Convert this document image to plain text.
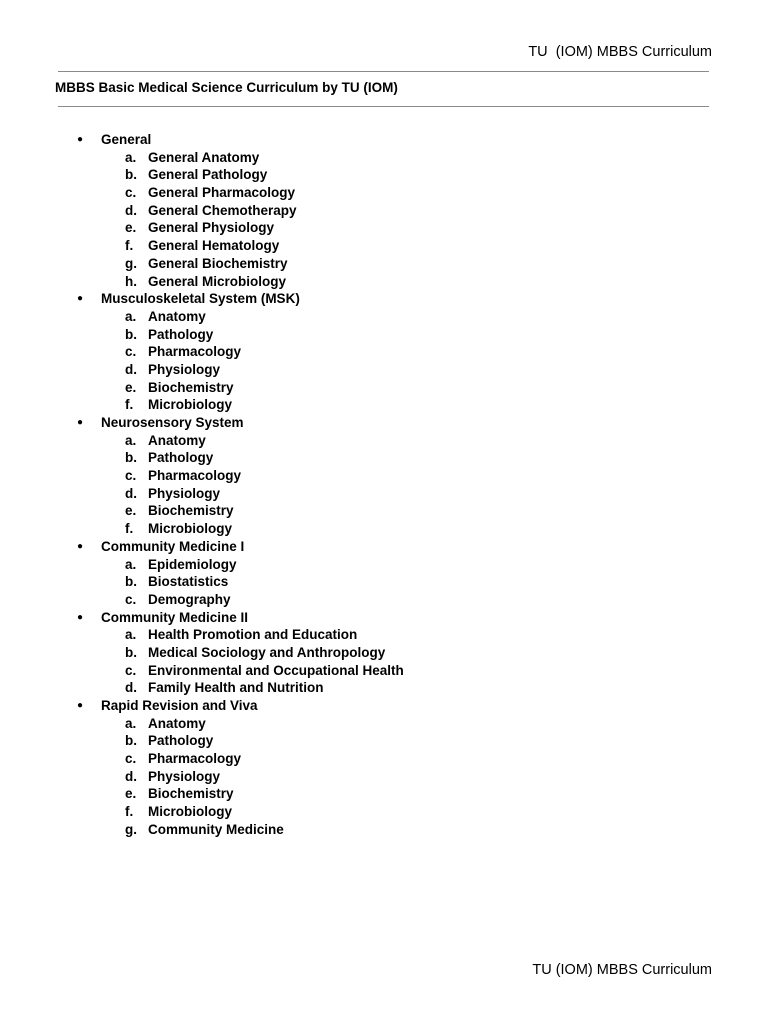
TU  (IOM) MBBS Curriculum
MBBS Basic Medical Science Curriculum by TU (IOM)
● General
a. General Anatomy
b. General Pathology
c. General Pharmacology
d. General Chemotherapy
e. General Physiology
f. General Hematology
g. General Biochemistry
h. General Microbiology
● Musculoskeletal System (MSK)
a. Anatomy
b. Pathology
c. Pharmacology
d. Physiology
e. Biochemistry
f. Microbiology
● Neurosensory System
a. Anatomy
b. Pathology
c. Pharmacology
d. Physiology
e. Biochemistry
f. Microbiology
● Community Medicine I
a. Epidemiology
b. Biostatistics
c. Demography
● Community Medicine II
a. Health Promotion and Education
b. Medical Sociology and Anthropology
c. Environmental and Occupational Health
d. Family Health and Nutrition
● Rapid Revision and Viva
a. Anatomy
b. Pathology
c. Pharmacology
d. Physiology
e. Biochemistry
f. Microbiology
g. Community Medicine
TU (IOM) MBBS Curriculum
